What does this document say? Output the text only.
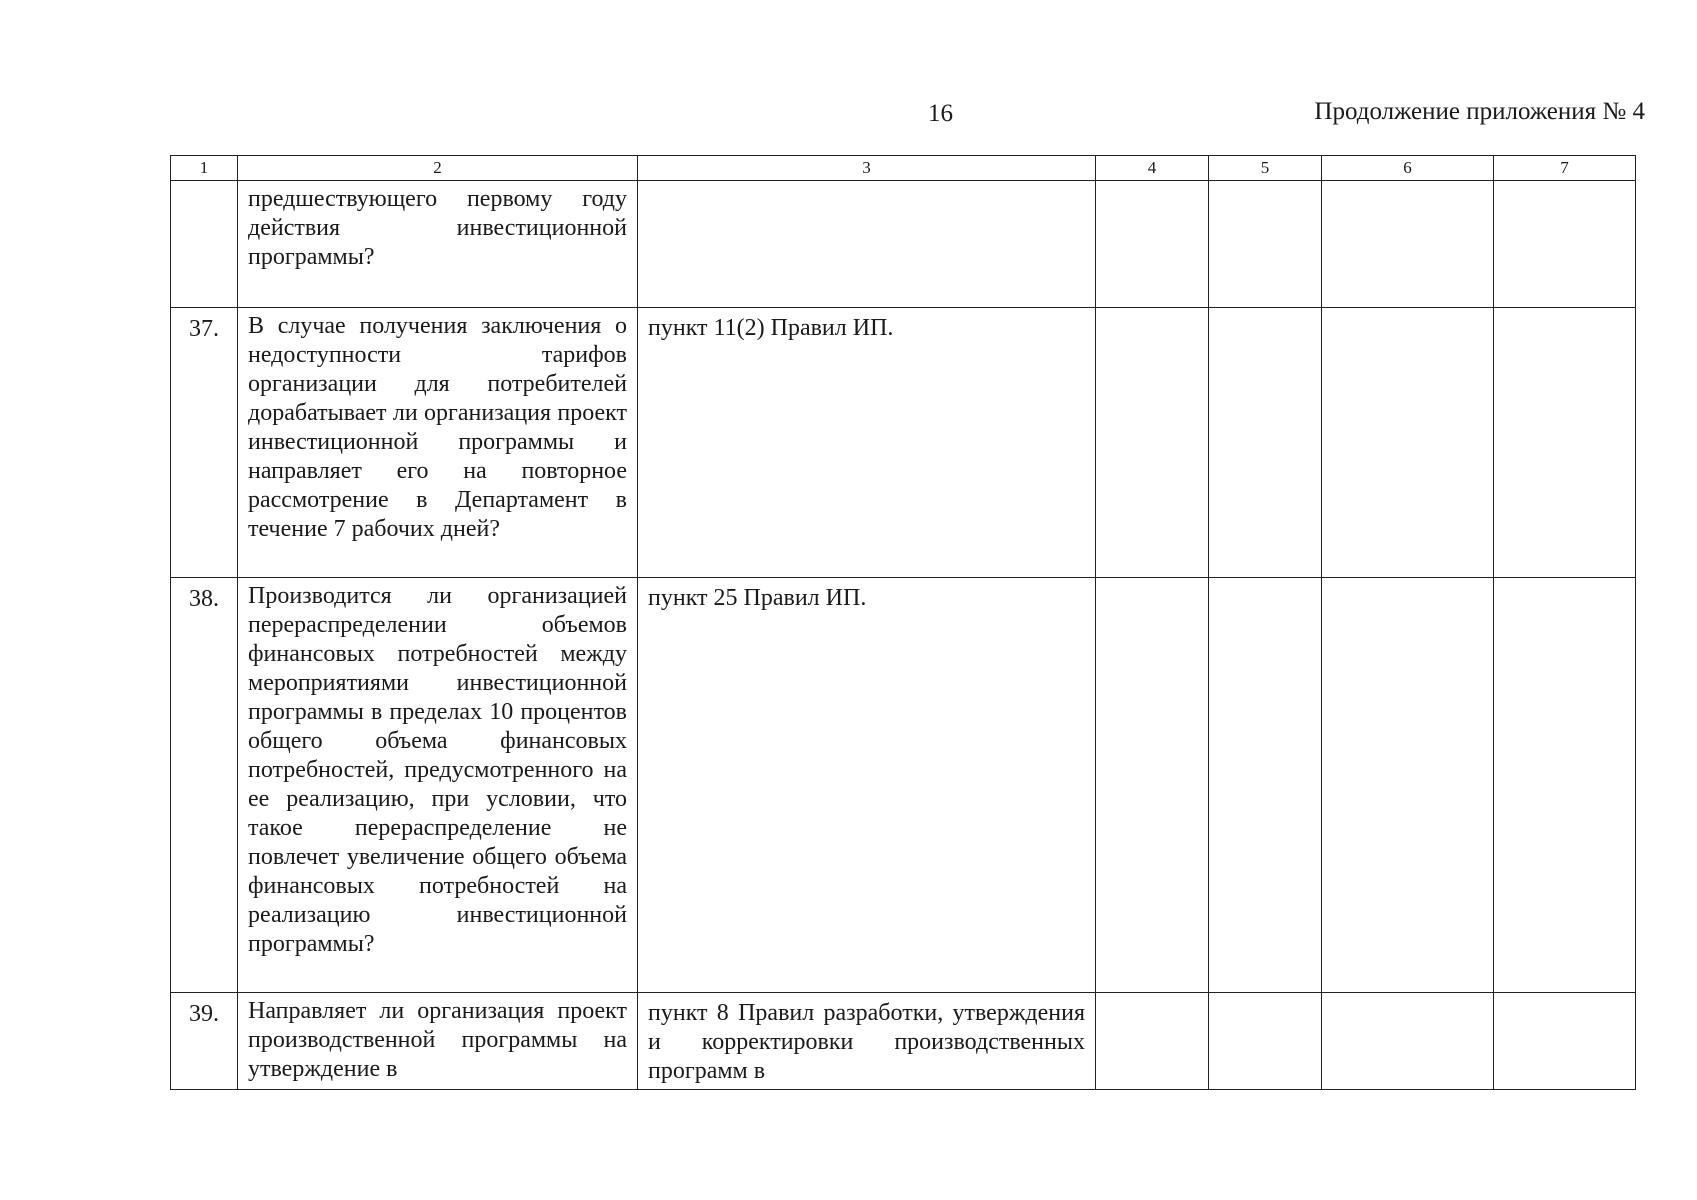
16	Продолжение приложения № 4
1	2	3	4	5	6	7
	предшествующего первому году действия инвестиционной программы?					
37.	В случае получения заключения о недоступности тарифов организации для потребителей дорабатывает ли организация проект инвестиционной программы и направляет его на повторное рассмотрение в Департамент в течение 7 рабочих дней?	пункт 11(2) Правил ИП.				
38.	Производится ли организацией перераспределении объемов финансовых потребностей между мероприятиями инвестиционной программы в пределах 10 процентов общего объема финансовых потребностей, предусмотренного на ее реализацию, при условии, что такое перераспределение не повлечет увеличение общего объема финансовых потребностей на реализацию инвестиционной программы?	пункт 25 Правил ИП.				
39.	Направляет ли организация проект производственной программы на утверждение в	пункт 8 Правил разработки, утверждения и корректировки производственных программ в				
